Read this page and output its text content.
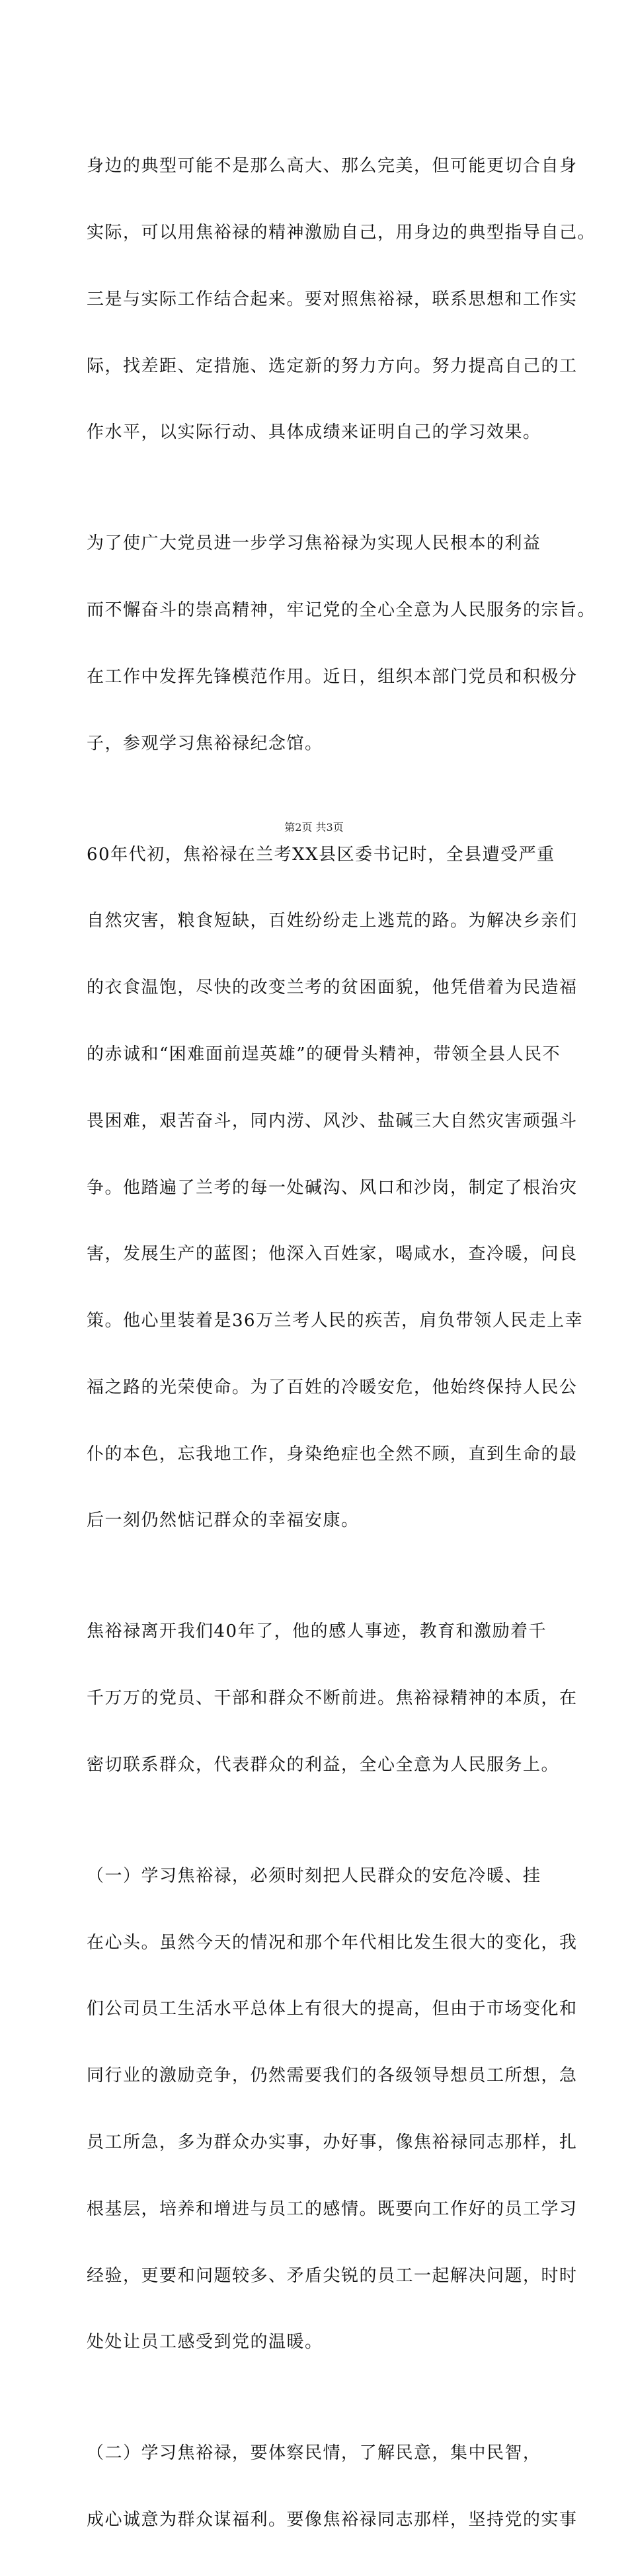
身边的典型可能不是那么高大、那么完美，但可能更切合自身

实际，可以用焦裕禄的精神激励自己，用身边的典型指导自己。

三是与实际工作结合起来。要对照焦裕禄，联系思想和工作实

际，找差距、定措施、选定新的努力方向。努力提高自己的工

作水平，以实际行动、具体成绩来证明自己的学习效果。

为了使广大党员进一步学习焦裕禄为实现人民根本的利益

而不懈奋斗的崇高精神，牢记党的全心全意为人民服务的宗旨。

在工作中发挥先锋模范作用。近日，组织本部门党员和积极分

子，参观学习焦裕禄纪念馆。

60年代初，焦裕禄在兰考XX县区委书记时，全县遭受严重

自然灾害，粮食短缺，百姓纷纷走上逃荒的路。为解决乡亲们

的衣食温饱，尽快的改变兰考的贫困面貌，他凭借着为民造福

的赤诚和“困难面前逞英雄”的硬骨头精神，带领全县人民不

畏困难，艰苦奋斗，同内涝、风沙、盐碱三大自然灾害顽强斗

争。他踏遍了兰考的每一处碱沟、风口和沙岗，制定了根治灾

害，发展生产的蓝图；他深入百姓家，喝咸水，查冷暖，问良

策。他心里装着是36万兰考人民的疾苦，肩负带领人民走上幸

福之路的光荣使命。为了百姓的冷暖安危，他始终保持人民公

仆的本色，忘我地工作，身染绝症也全然不顾，直到生命的最

后一刻仍然惦记群众的幸福安康。

焦裕禄离开我们40年了，他的感人事迹，教育和激励着千

千万万的党员、干部和群众不断前进。焦裕禄精神的本质，在

密切联系群众，代表群众的利益，全心全意为人民服务上。

（一）学习焦裕禄，必须时刻把人民群众的安危冷暖、挂

在心头。虽然今天的情况和那个年代相比发生很大的变化，我

们公司员工生活水平总体上有很大的提高，但由于市场变化和

同行业的激励竞争，仍然需要我们的各级领导想员工所想，急

员工所急，多为群众办实事，办好事，像焦裕禄同志那样，扎

根基层，培养和增进与员工的感情。既要向工作好的员工学习

经验，更要和问题较多、矛盾尖锐的员工一起解决问题，时时

处处让员工感受到党的温暖。

（二）学习焦裕禄，要体察民情，了解民意，集中民智，

成心诚意为群众谋福利。要像焦裕禄同志那样，坚持党的实事

第2页 共3页
